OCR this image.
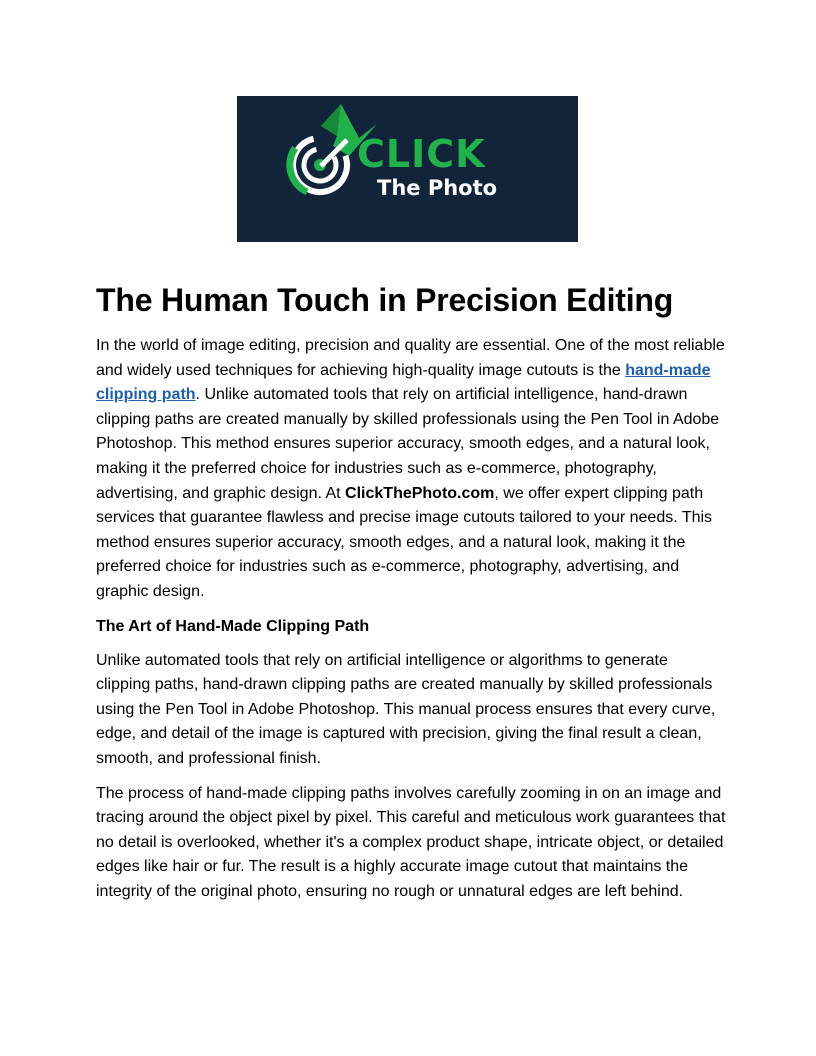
CLICK
The Photo
The Human Touch in Precision Editing

In the world of image editing, precision and quality are essential. One of the most reliable and widely used techniques for achieving high-quality image cutouts is the hand-made clipping path. Unlike automated tools that rely on artificial intelligence, hand-drawn clipping paths are created manually by skilled professionals using the Pen Tool in Adobe Photoshop. This method ensures superior accuracy, smooth edges, and a natural look, making it the preferred choice for industries such as e-commerce, photography, advertising, and graphic design. At ClickThePhoto.com, we offer expert clipping path services that guarantee flawless and precise image cutouts tailored to your needs. This method ensures superior accuracy, smooth edges, and a natural look, making it the preferred choice for industries such as e-commerce, photography, advertising, and graphic design.

The Art of Hand-Made Clipping Path

Unlike automated tools that rely on artificial intelligence or algorithms to generate clipping paths, hand-drawn clipping paths are created manually by skilled professionals using the Pen Tool in Adobe Photoshop. This manual process ensures that every curve, edge, and detail of the image is captured with precision, giving the final result a clean, smooth, and professional finish.

The process of hand-made clipping paths involves carefully zooming in on an image and tracing around the object pixel by pixel. This careful and meticulous work guarantees that no detail is overlooked, whether it's a complex product shape, intricate object, or detailed edges like hair or fur. The result is a highly accurate image cutout that maintains the integrity of the original photo, ensuring no rough or unnatural edges are left behind.
